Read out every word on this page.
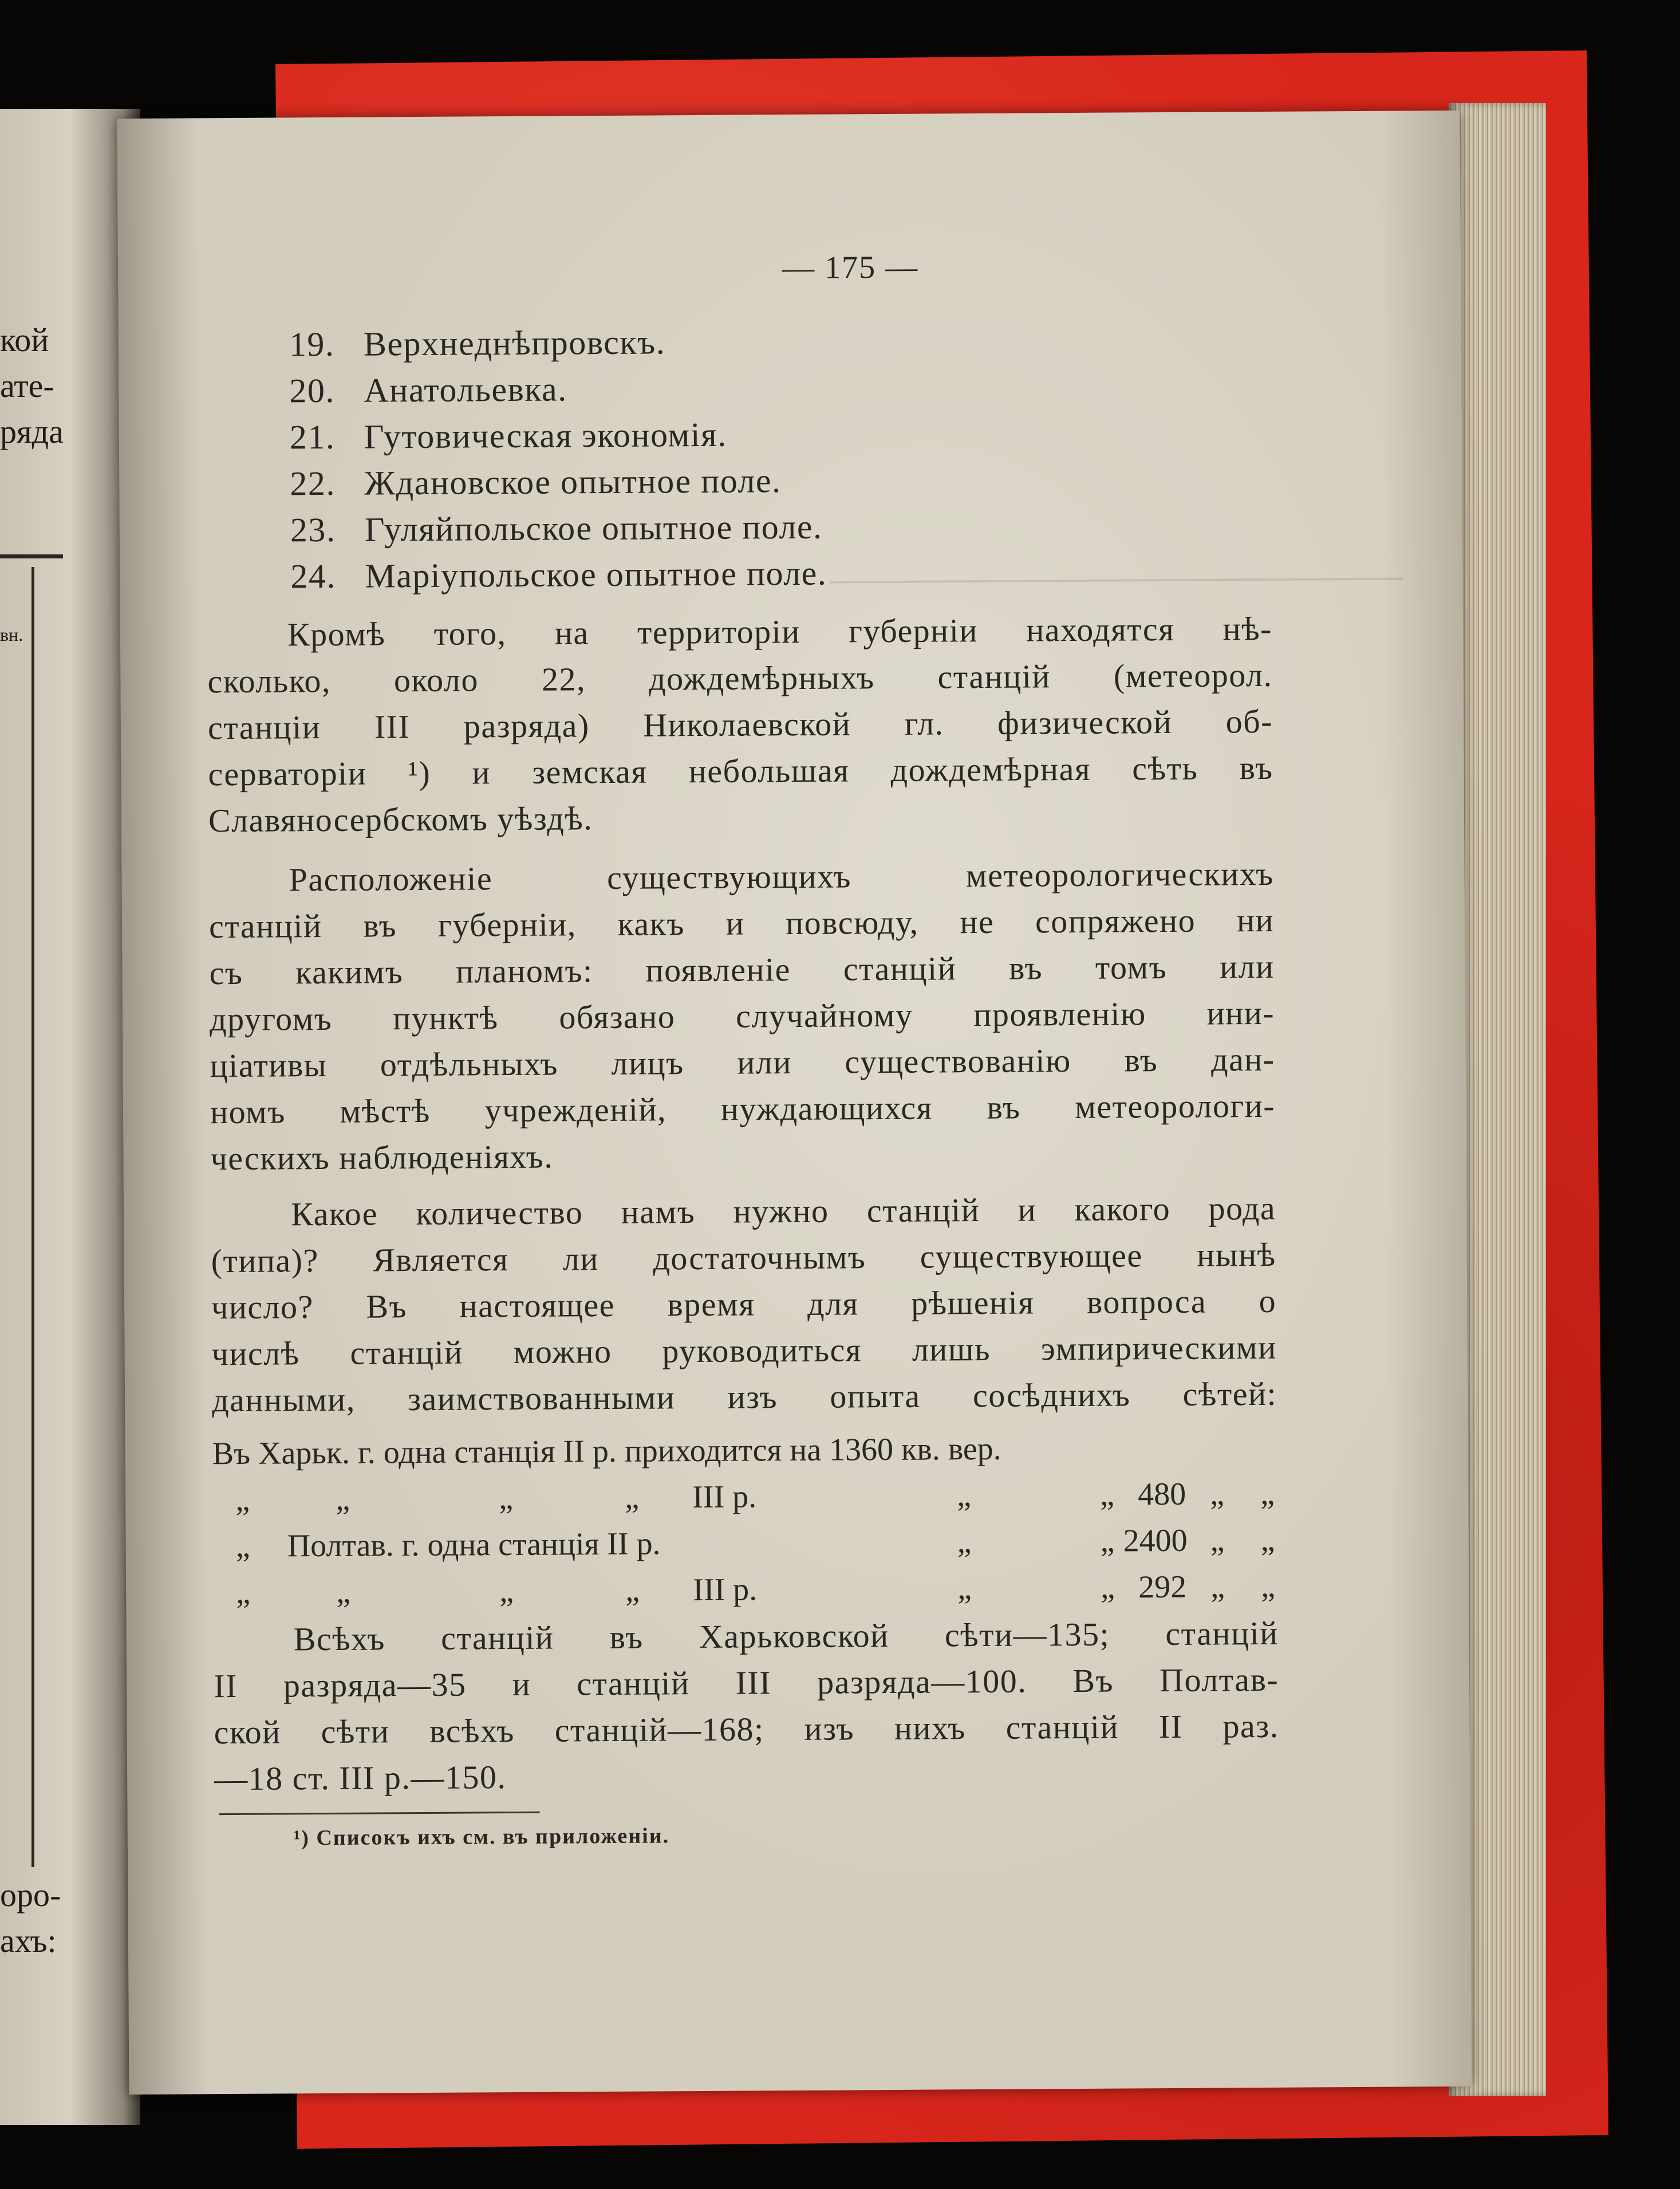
кой
ате-
ряда
вн.
оро-
ахъ:
— 175 —
19. Верхнеднѣпровскъ.
20. Анатольевка.
21. Гутовическая экономія.
22. Ждановское опытное поле.
23. Гуляйпольское опытное поле.
24. Маріупольское опытное поле.
Кромѣ того, на территоріи губерніи находятся нѣ-
сколько, около 22, дождемѣрныхъ станцій (метеорол.
станціи III разряда) Николаевской гл. физической об-
серваторіи ¹) и земская небольшая дождемѣрная сѣть въ
Славяносербскомъ уѣздѣ.
Расположеніе существующихъ метеорологическихъ
станцій въ губерніи, какъ и повсюду, не сопряжено ни
съ какимъ планомъ: появленіе станцій въ томъ или
другомъ пунктѣ обязано случайному проявленію ини-
ціативы отдѣльныхъ лицъ или существованію въ дан-
номъ мѣстѣ учрежденій, нуждающихся въ метеорологи-
ческихъ наблюденіяхъ.
Какое количество намъ нужно станцій и какого рода
(типа)? Является ли достаточнымъ существующее нынѣ
число? Въ настоящее время для рѣшенія вопроса о
числѣ станцій можно руководиться лишь эмпирическими
данными, заимствованными изъ опыта сосѣднихъ сѣтей:
Въ Харьк. г. одна станція II р. приходится на 1360 кв. вер.
„	„	„	„ III р.	„	„ 480 „ „
„ Полтав. г. одна станція II р.	„	„ 2400 „ „
„	„	„	„ III р.	„	„ 292 „ „
Всѣхъ станцій въ Харьковской сѣти—135; станцій
II разряда—35 и станцій III разряда—100. Въ Полтав-
ской сѣти всѣхъ станцій—168; изъ нихъ станцій II раз.
—18 ст. III р.—150.
¹) Списокъ ихъ см. въ приложеніи.
